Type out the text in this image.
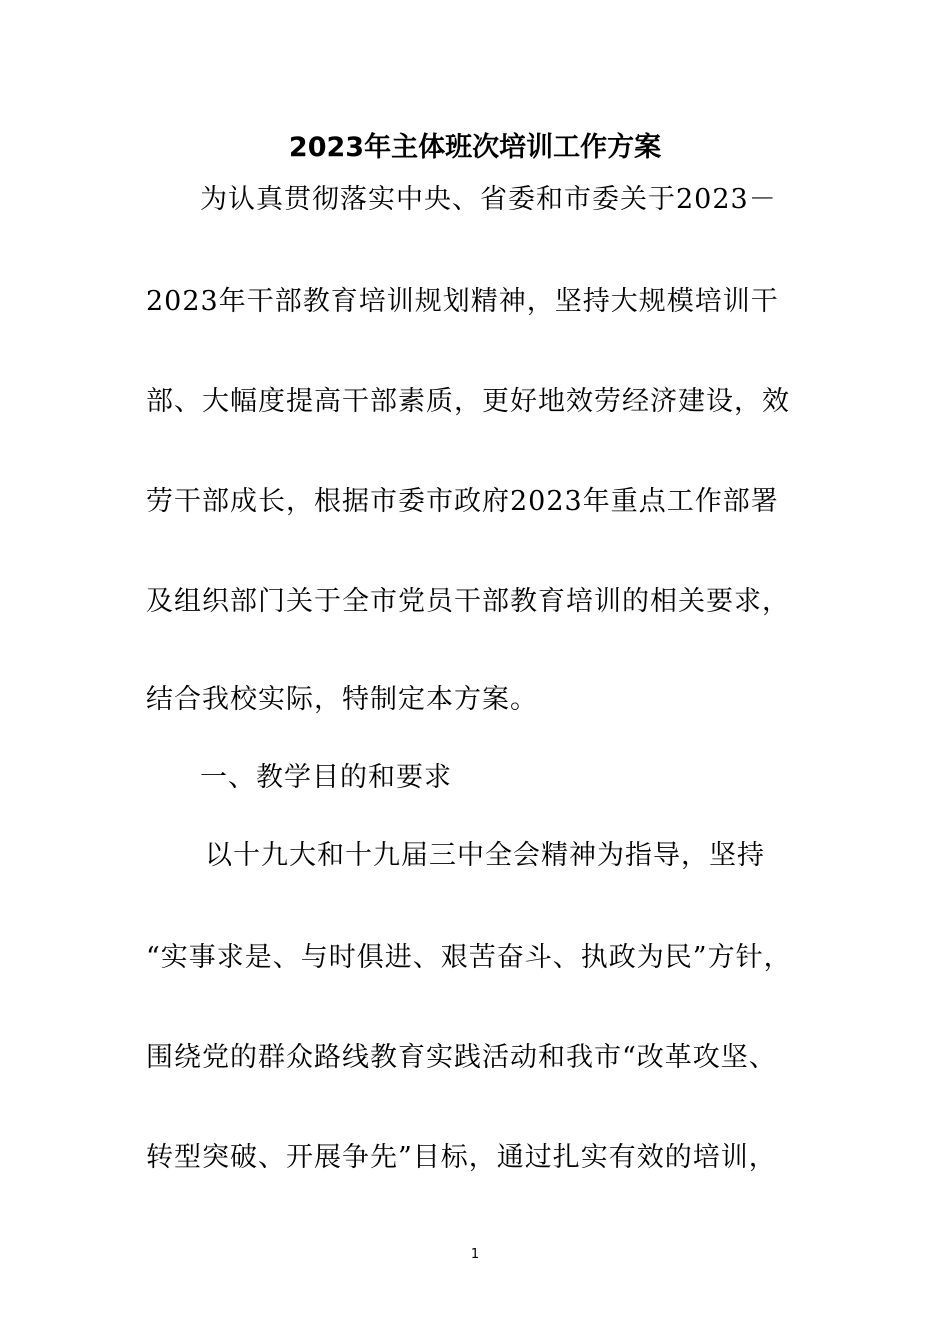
2023年主体班次培训工作方案

为认真贯彻落实中央、省委和市委关于2023－

2023年干部教育培训规划精神，坚持大规模培训干

部、大幅度提高干部素质，更好地效劳经济建设，效

劳干部成长，根据市委市政府2023年重点工作部署

及组织部门关于全市党员干部教育培训的相关要求，

结合我校实际，特制定本方案。

一、教学目的和要求

以十九大和十九届三中全会精神为指导，坚持

“实事求是、与时俱进、艰苦奋斗、执政为民”方针，

围绕党的群众路线教育实践活动和我市“改革攻坚、

转型突破、开展争先”目标，通过扎实有效的培训，

1
